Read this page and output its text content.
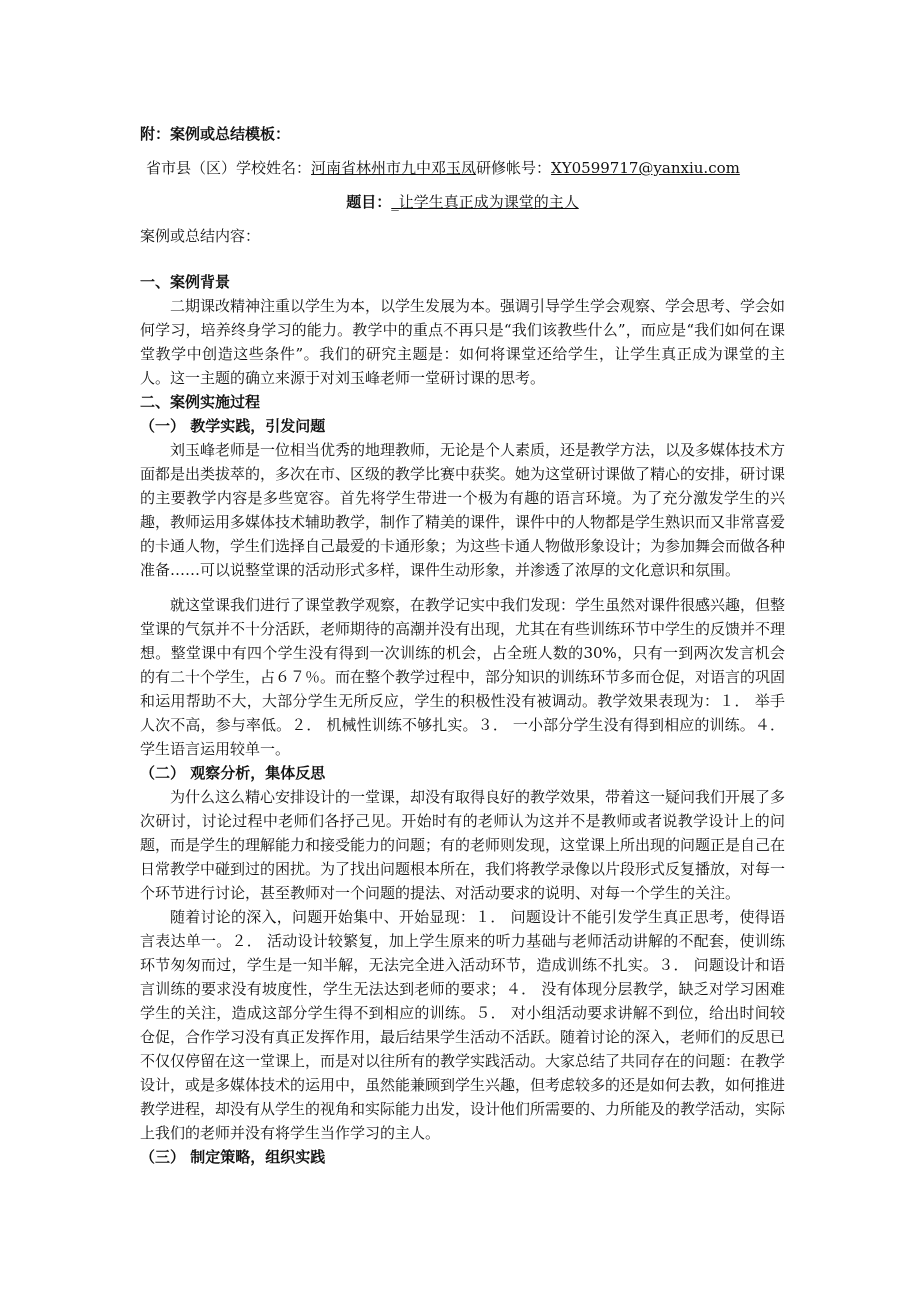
附：案例或总结模板：
省市县（区）学校姓名：河南省林州市九中邓玉凤研修帐号：XY0599717@yanxiu.com
题目：_让学生真正成为课堂的主人
案例或总结内容：
一、案例背景

二期课改精神注重以学生为本，以学生发展为本。强调引导学生学会观察、学会思考、学会如何学习，培养终身学习的能力。教学中的重点不再只是“我们该教些什么”，而应是“我们如何在课堂教学中创造这些条件”。我们的研究主题是：如何将课堂还给学生，让学生真正成为课堂的主人。这一主题的确立来源于对刘玉峰老师一堂研讨课的思考。

二、案例实施过程
（一） 教学实践，引发问题

刘玉峰老师是一位相当优秀的地理教师，无论是个人素质，还是教学方法，以及多媒体技术方面都是出类拔萃的，多次在市、区级的教学比赛中获奖。她为这堂研讨课做了精心的安排，研讨课的主要教学内容是多些宽容。首先将学生带进一个极为有趣的语言环境。为了充分激发学生的兴趣，教师运用多媒体技术辅助教学，制作了精美的课件，课件中的人物都是学生熟识而又非常喜爱的卡通人物，学生们选择自己最爱的卡通形象；为这些卡通人物做形象设计；为参加舞会而做各种准备……可以说整堂课的活动形式多样，课件生动形象，并渗透了浓厚的文化意识和氛围。

就这堂课我们进行了课堂教学观察，在教学记实中我们发现：学生虽然对课件很感兴趣，但整堂课的气氛并不十分活跃，老师期待的高潮并没有出现，尤其在有些训练环节中学生的反馈并不理想。整堂课中有四个学生没有得到一次训练的机会，占全班人数的30%，只有一到两次发言机会的有二十个学生，占６７％。而在整个教学过程中，部分知识的训练环节多而仓促，对语言的巩固和运用帮助不大，大部分学生无所反应，学生的积极性没有被调动。教学效果表现为：１． 举手人次不高，参与率低。２． 机械性训练不够扎实。３． 一小部分学生没有得到相应的训练。４． 学生语言运用较单一。

（二） 观察分析，集体反思

为什么这么精心安排设计的一堂课，却没有取得良好的教学效果，带着这一疑问我们开展了多次研讨，讨论过程中老师们各抒己见。开始时有的老师认为这并不是教师或者说教学设计上的问题，而是学生的理解能力和接受能力的问题；有的老师则发现，这堂课上所出现的问题正是自己在日常教学中碰到过的困扰。为了找出问题根本所在，我们将教学录像以片段形式反复播放，对每一个环节进行讨论，甚至教师对一个问题的提法、对活动要求的说明、对每一个学生的关注。

随着讨论的深入，问题开始集中、开始显现：１． 问题设计不能引发学生真正思考，使得语言表达单一。２． 活动设计较繁复，加上学生原来的听力基础与老师活动讲解的不配套，使训练环节匆匆而过，学生是一知半解，无法完全进入活动环节，造成训练不扎实。３． 问题设计和语言训练的要求没有坡度性，学生无法达到老师的要求；４． 没有体现分层教学，缺乏对学习困难学生的关注，造成这部分学生得不到相应的训练。５． 对小组活动要求讲解不到位，给出时间较仓促，合作学习没有真正发挥作用，最后结果学生活动不活跃。随着讨论的深入，老师们的反思已不仅仅停留在这一堂课上，而是对以往所有的教学实践活动。大家总结了共同存在的问题：在教学设计，或是多媒体技术的运用中，虽然能兼顾到学生兴趣，但考虑较多的还是如何去教，如何推进教学进程，却没有从学生的视角和实际能力出发，设计他们所需要的、力所能及的教学活动，实际上我们的老师并没有将学生当作学习的主人。

（三） 制定策略，组织实践
